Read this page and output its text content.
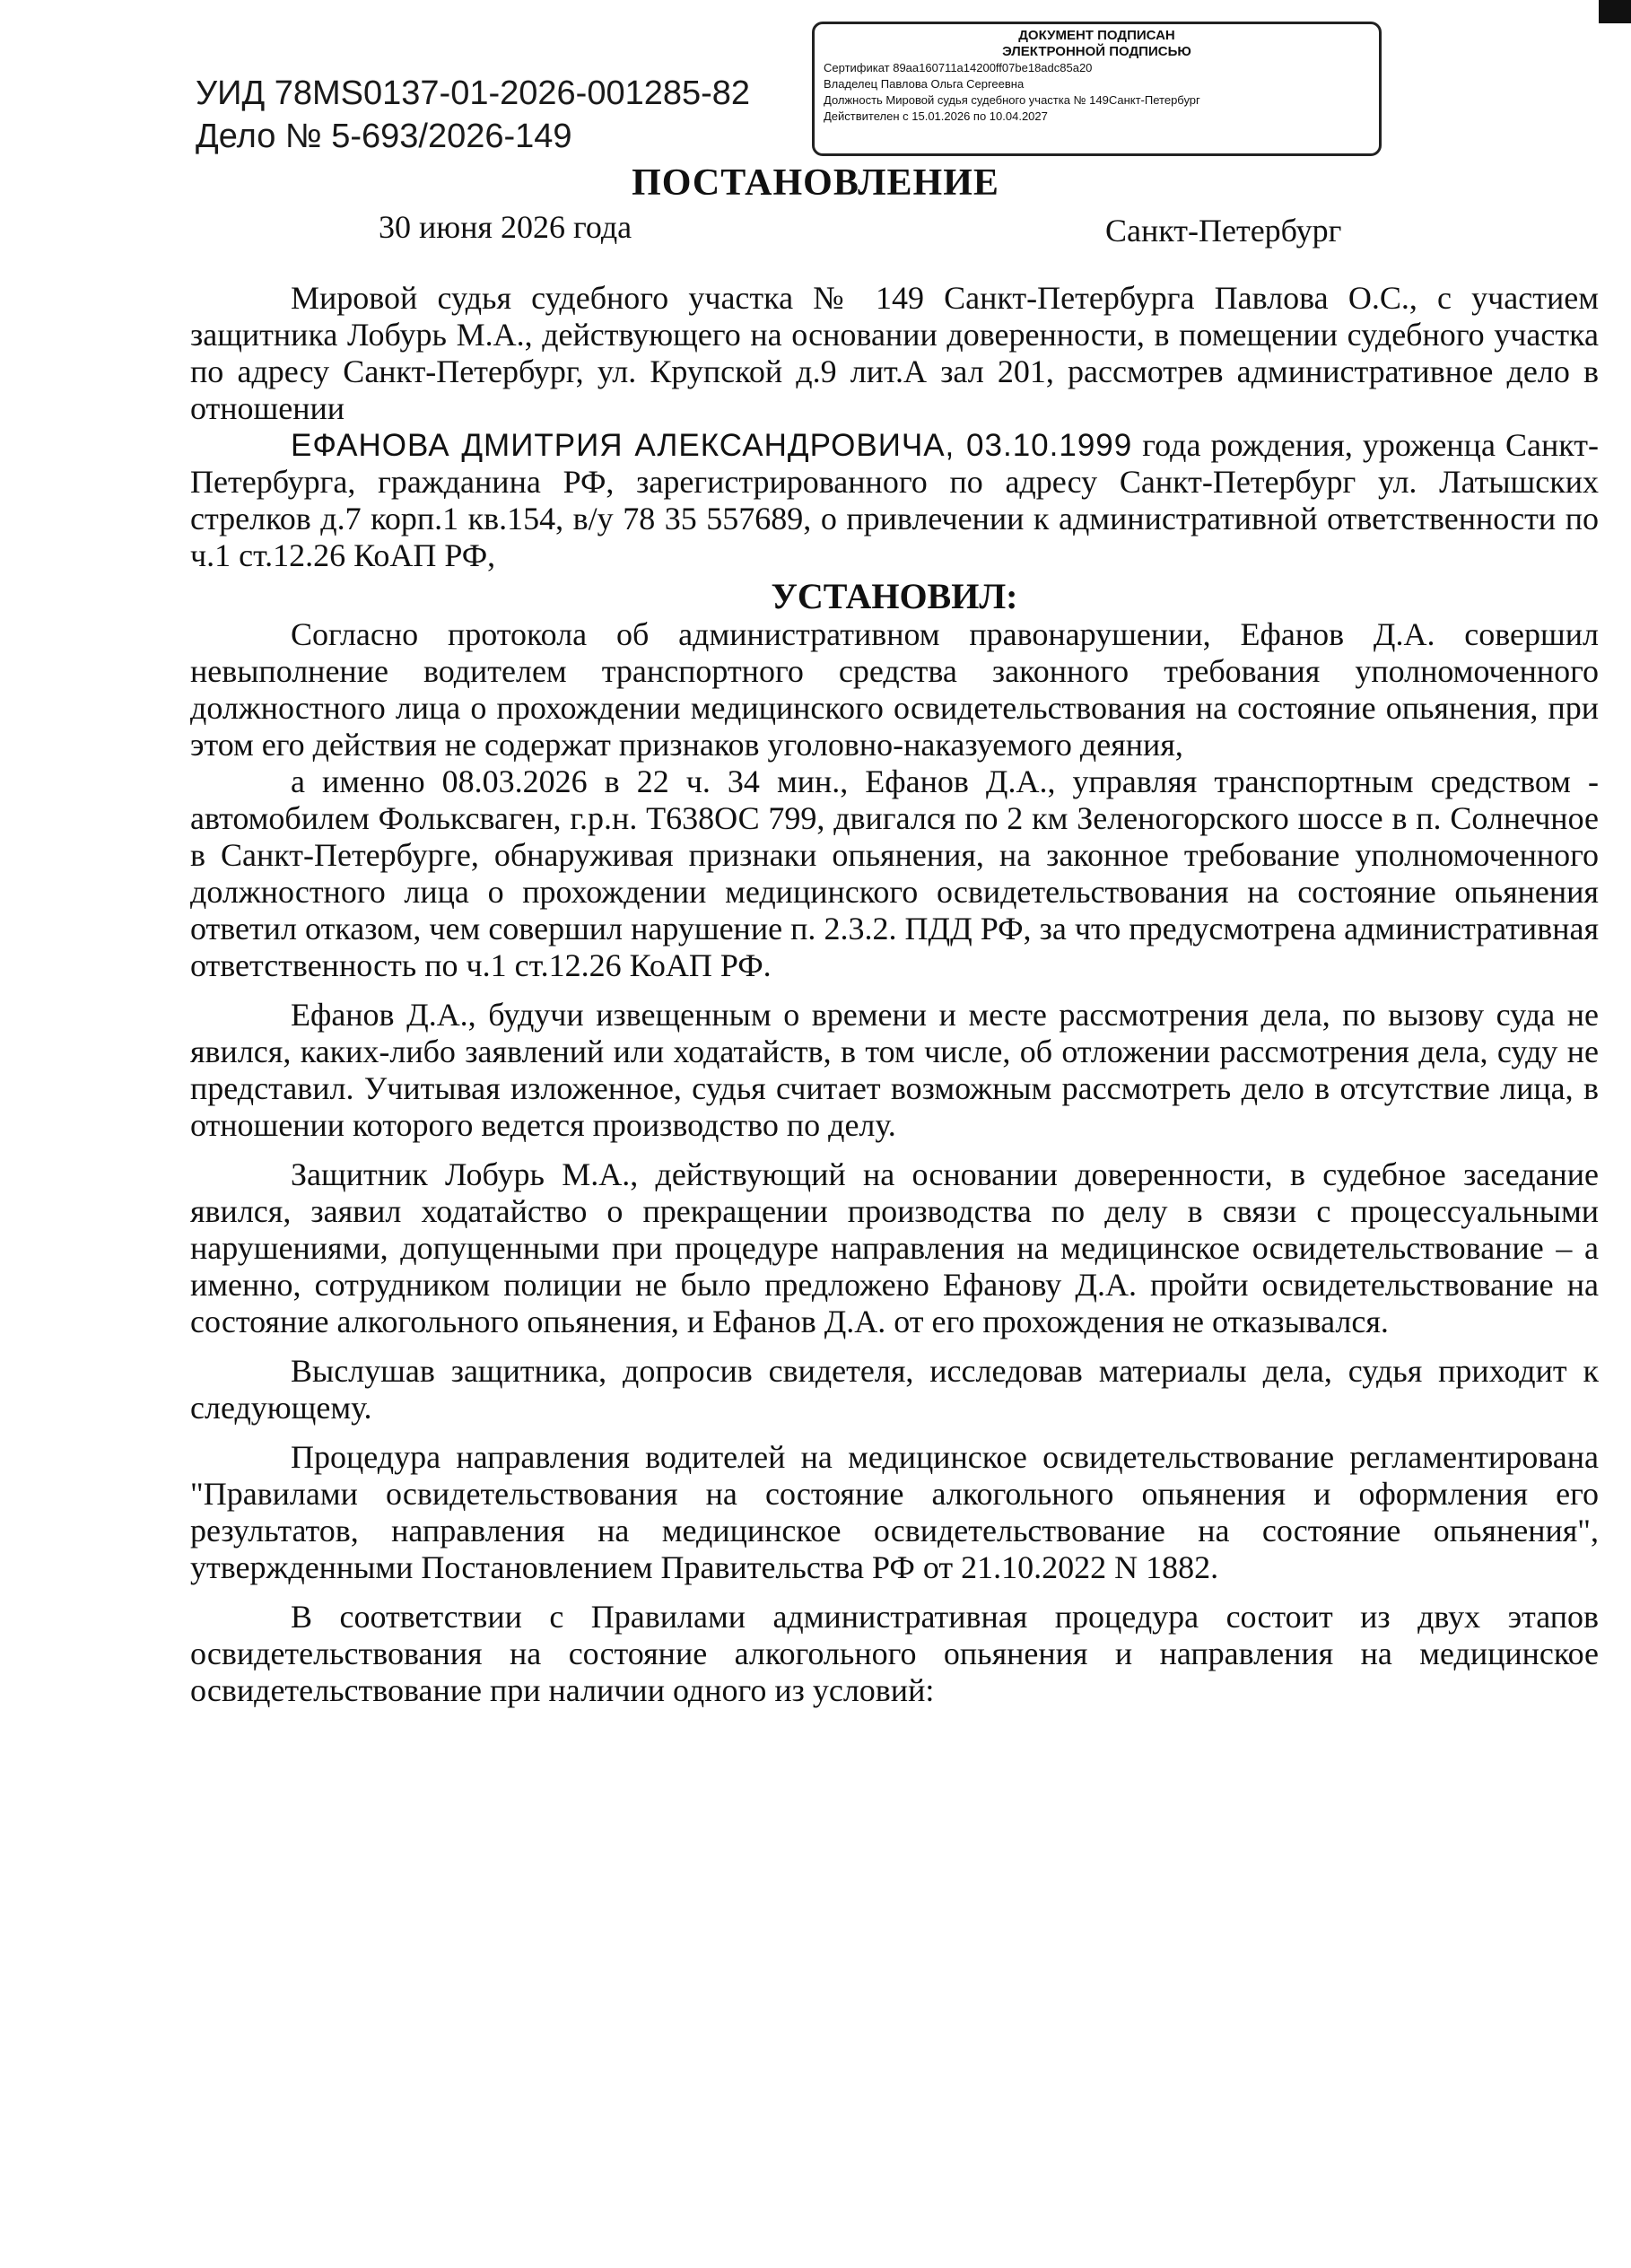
УИД 78MS0137-01-2026-001285-82
Дело № 5-693/2026-149
ДОКУМЕНТ ПОДПИСАН
ЭЛЕКТРОННОЙ ПОДПИСЬЮ
Сертификат 89aa160711a14200ff07be18adc85a20
Владелец Павлова Ольга Сергеевна
Должность Мировой судья судебного участка № 149Санкт-Петербург
Действителен с 15.01.2026 по 10.04.2027
ПОСТАНОВЛЕНИЕ
30 июня 2026 года	Санкт-Петербург

Мировой судья судебного участка № 149 Санкт-Петербурга Павлова О.С., с участием защитника Лобурь М.А., действующего на основании доверенности, в помещении судебного участка по адресу Санкт-Петербург, ул. Крупской д.9 лит.А зал 201, рассмотрев административное дело в отношении

ЕФАНОВА ДМИТРИЯ АЛЕКСАНДРОВИЧА, 03.10.1999 года рождения, уроженца Санкт-Петербурга, гражданина РФ, зарегистрированного по адресу Санкт-Петербург ул. Латышских стрелков д.7 корп.1 кв.154, в/у 78 35 557689, о привлечении к административной ответственности по ч.1 ст.12.26 КоАП РФ,

УСТАНОВИЛ:

Согласно протокола об административном правонарушении, Ефанов Д.А. совершил невыполнение водителем транспортного средства законного требования уполномоченного должностного лица о прохождении медицинского освидетельствования на состояние опьянения, при этом его действия не содержат признаков уголовно-наказуемого деяния,

а именно 08.03.2026 в 22 ч. 34 мин., Ефанов Д.А., управляя транспортным средством - автомобилем Фольксваген, г.р.н. Т638ОС 799, двигался по 2 км Зеленогорского шоссе в п. Солнечное в Санкт-Петербурге, обнаруживая признаки опьянения, на законное требование уполномоченного должностного лица о прохождении медицинского освидетельствования на состояние опьянения ответил отказом, чем совершил нарушение п. 2.3.2. ПДД РФ, за что предусмотрена административная ответственность по ч.1 ст.12.26 КоАП РФ.

Ефанов Д.А., будучи извещенным о времени и месте рассмотрения дела, по вызову суда не явился, каких-либо заявлений или ходатайств, в том числе, об отложении рассмотрения дела, суду не представил. Учитывая изложенное, судья считает возможным рассмотреть дело в отсутствие лица, в отношении которого ведется производство по делу.

Защитник Лобурь М.А., действующий на основании доверенности, в судебное заседание явился, заявил ходатайство о прекращении производства по делу в связи с процессуальными нарушениями, допущенными при процедуре направления на медицинское освидетельствование – а именно, сотрудником полиции не было предложено Ефанову Д.А. пройти освидетельствование на состояние алкогольного опьянения, и Ефанов Д.А. от его прохождения не отказывался.

Выслушав защитника, допросив свидетеля, исследовав материалы дела, судья приходит к следующему.

Процедура направления водителей на медицинское освидетельствование регламентирована "Правилами освидетельствования на состояние алкогольного опьянения и оформления его результатов, направления на медицинское освидетельствование на состояние опьянения", утвержденными Постановлением Правительства РФ от 21.10.2022 N 1882.

В соответствии с Правилами административная процедура состоит из двух этапов освидетельствования на состояние алкогольного опьянения и направления на медицинское освидетельствование при наличии одного из условий:
